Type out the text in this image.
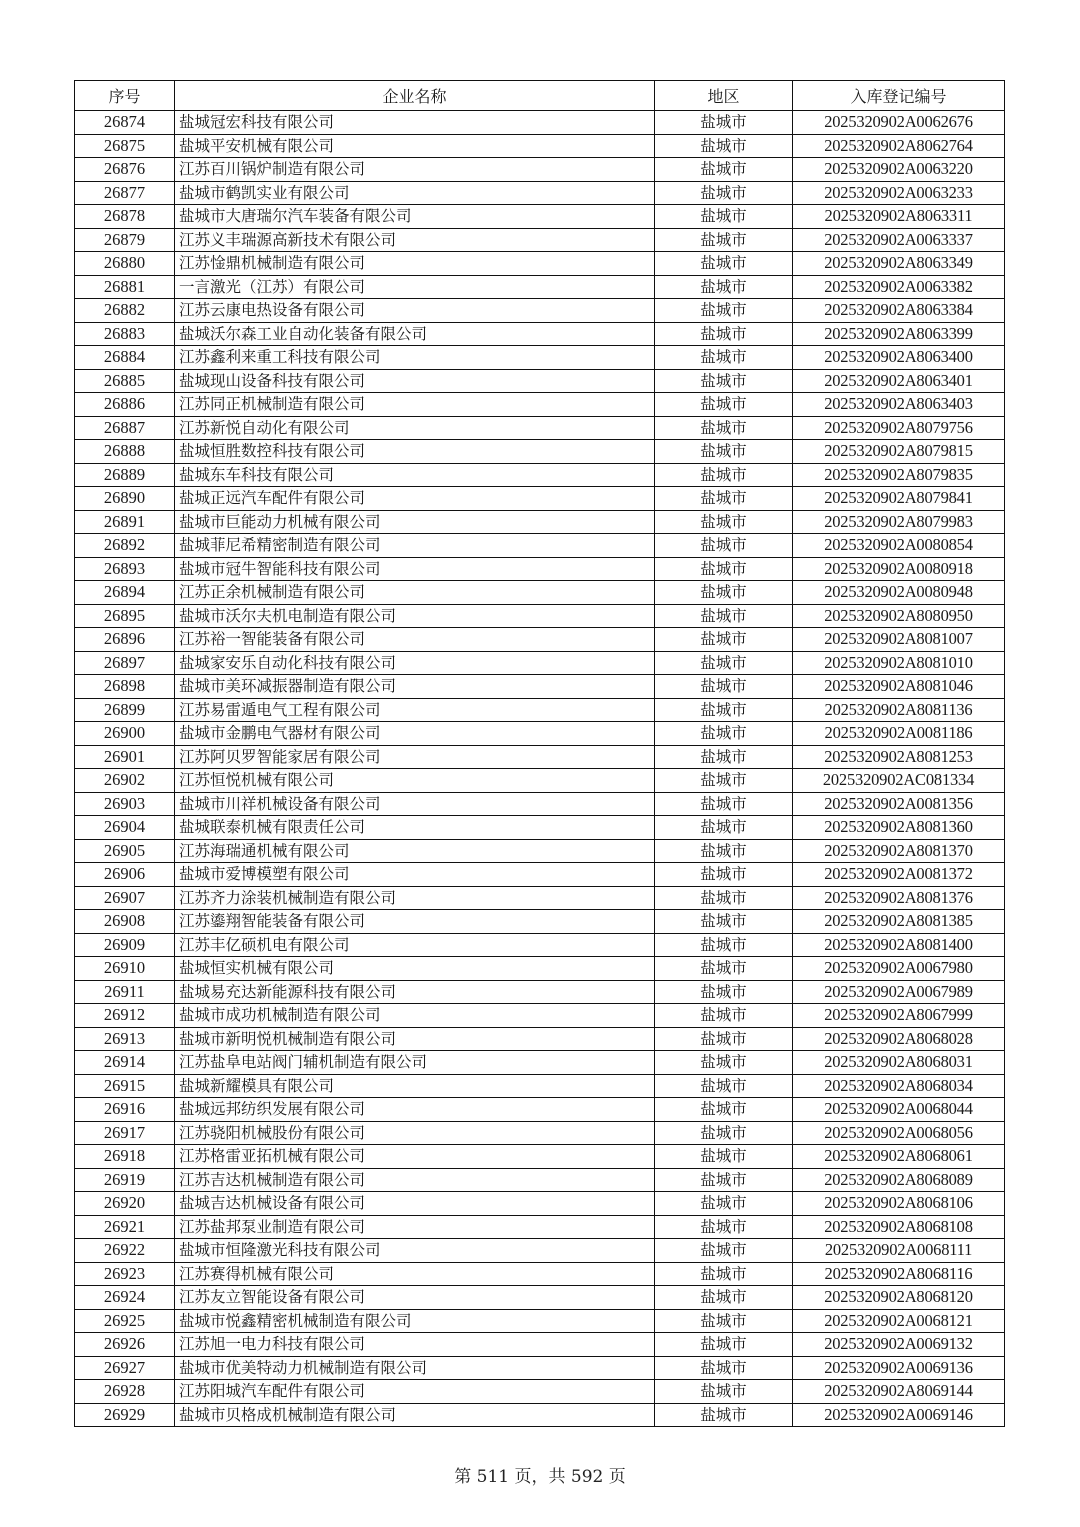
序号	企业名称	地区	入库登记编号
26874	盐城冠宏科技有限公司	盐城市	2025320902A0062676
26875	盐城平安机械有限公司	盐城市	2025320902A8062764
26876	江苏百川锅炉制造有限公司	盐城市	2025320902A0063220
26877	盐城市鹤凯实业有限公司	盐城市	2025320902A0063233
26878	盐城市大唐瑞尔汽车装备有限公司	盐城市	2025320902A8063311
26879	江苏义丰瑞源高新技术有限公司	盐城市	2025320902A0063337
26880	江苏惍鼎机械制造有限公司	盐城市	2025320902A8063349
26881	一言激光（江苏）有限公司	盐城市	2025320902A0063382
26882	江苏云康电热设备有限公司	盐城市	2025320902A8063384
26883	盐城沃尔森工业自动化装备有限公司	盐城市	2025320902A8063399
26884	江苏鑫利来重工科技有限公司	盐城市	2025320902A8063400
26885	盐城现山设备科技有限公司	盐城市	2025320902A8063401
26886	江苏同正机械制造有限公司	盐城市	2025320902A8063403
26887	江苏新悦自动化有限公司	盐城市	2025320902A8079756
26888	盐城恒胜数控科技有限公司	盐城市	2025320902A8079815
26889	盐城东车科技有限公司	盐城市	2025320902A8079835
26890	盐城正远汽车配件有限公司	盐城市	2025320902A8079841
26891	盐城市巨能动力机械有限公司	盐城市	2025320902A8079983
26892	盐城菲尼希精密制造有限公司	盐城市	2025320902A0080854
26893	盐城市冠牛智能科技有限公司	盐城市	2025320902A0080918
26894	江苏正余机械制造有限公司	盐城市	2025320902A0080948
26895	盐城市沃尔夫机电制造有限公司	盐城市	2025320902A8080950
26896	江苏裕一智能装备有限公司	盐城市	2025320902A8081007
26897	盐城家安乐自动化科技有限公司	盐城市	2025320902A8081010
26898	盐城市美环减振器制造有限公司	盐城市	2025320902A8081046
26899	江苏易雷遁电气工程有限公司	盐城市	2025320902A8081136
26900	盐城市金鹏电气器材有限公司	盐城市	2025320902A0081186
26901	江苏阿贝罗智能家居有限公司	盐城市	2025320902A8081253
26902	江苏恒悦机械有限公司	盐城市	2025320902AC081334
26903	盐城市川祥机械设备有限公司	盐城市	2025320902A0081356
26904	盐城联泰机械有限责任公司	盐城市	2025320902A8081360
26905	江苏海瑞通机械有限公司	盐城市	2025320902A8081370
26906	盐城市爱博模塑有限公司	盐城市	2025320902A0081372
26907	江苏齐力涂装机械制造有限公司	盐城市	2025320902A8081376
26908	江苏鎏翔智能装备有限公司	盐城市	2025320902A8081385
26909	江苏丰亿硕机电有限公司	盐城市	2025320902A8081400
26910	盐城恒实机械有限公司	盐城市	2025320902A0067980
26911	盐城易充达新能源科技有限公司	盐城市	2025320902A0067989
26912	盐城市成功机械制造有限公司	盐城市	2025320902A8067999
26913	盐城市新明悦机械制造有限公司	盐城市	2025320902A8068028
26914	江苏盐阜电站阀门辅机制造有限公司	盐城市	2025320902A8068031
26915	盐城新耀模具有限公司	盐城市	2025320902A8068034
26916	盐城远邦纺织发展有限公司	盐城市	2025320902A0068044
26917	江苏骁阳机械股份有限公司	盐城市	2025320902A0068056
26918	江苏格雷亚拓机械有限公司	盐城市	2025320902A8068061
26919	江苏吉达机械制造有限公司	盐城市	2025320902A8068089
26920	盐城吉达机械设备有限公司	盐城市	2025320902A8068106
26921	江苏盐邦泵业制造有限公司	盐城市	2025320902A8068108
26922	盐城市恒隆激光科技有限公司	盐城市	2025320902A0068111
26923	江苏赛得机械有限公司	盐城市	2025320902A8068116
26924	江苏友立智能设备有限公司	盐城市	2025320902A8068120
26925	盐城市悦鑫精密机械制造有限公司	盐城市	2025320902A0068121
26926	江苏旭一电力科技有限公司	盐城市	2025320902A0069132
26927	盐城市优美特动力机械制造有限公司	盐城市	2025320902A0069136
26928	江苏阳城汽车配件有限公司	盐城市	2025320902A8069144
26929	盐城市贝格成机械制造有限公司	盐城市	2025320902A0069146
第 511 页，共 592 页
